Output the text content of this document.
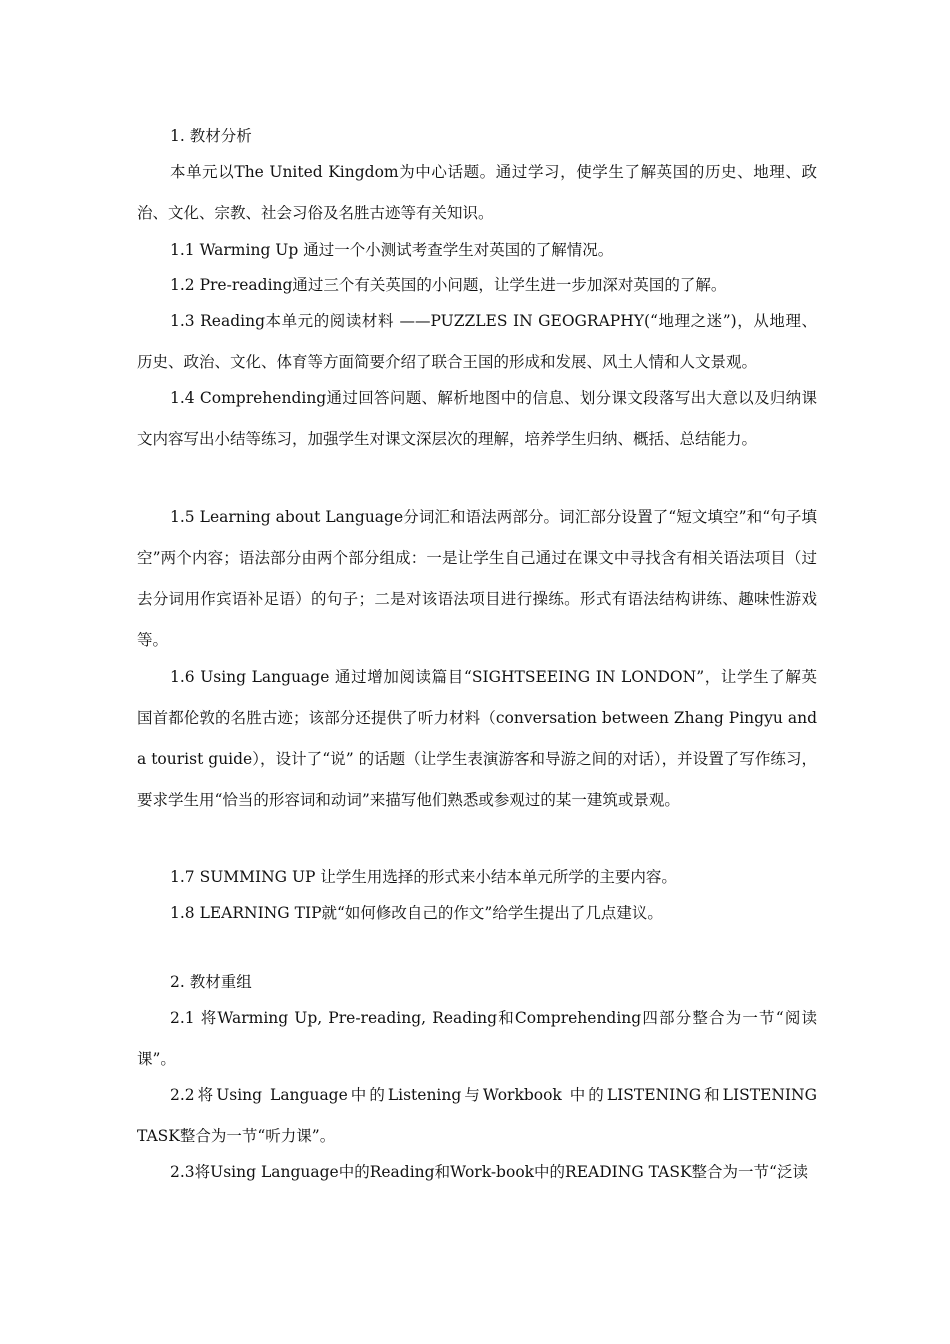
1. 教材分析

本单元以The United Kingdom为中心话题。通过学习，使学生了解英国的历史、地理、政治、文化、宗教、社会习俗及名胜古迹等有关知识。

1.1 Warming Up 通过一个小测试考查学生对英国的了解情况。

1.2 Pre-reading通过三个有关英国的小问题，让学生进一步加深对英国的了解。

1.3 Reading本单元的阅读材料 ——PUZZLES IN GEOGRAPHY(“地理之迷”)，从地理、历史、政治、文化、体育等方面简要介绍了联合王国的形成和发展、风土人情和人文景观。

1.4 Comprehending通过回答问题、解析地图中的信息、划分课文段落写出大意以及归纳课文内容写出小结等练习，加强学生对课文深层次的理解，培养学生归纳、概括、总结能力。

1.5 Learning about Language分词汇和语法两部分。词汇部分设置了“短文填空”和“句子填空”两个内容；语法部分由两个部分组成：一是让学生自己通过在课文中寻找含有相关语法项目（过去分词用作宾语补足语）的句子；二是对该语法项目进行操练。形式有语法结构讲练、趣味性游戏等。

1.6 Using Language 通过增加阅读篇目“SIGHTSEEING IN LONDON”，让学生了解英国首都伦敦的名胜古迹；该部分还提供了听力材料（conversation between Zhang Pingyu and a tourist guide），设计了“说” 的话题（让学生表演游客和导游之间的对话），并设置了写作练习，要求学生用“恰当的形容词和动词”来描写他们熟悉或参观过的某一建筑或景观。

1.7 SUMMING UP 让学生用选择的形式来小结本单元所学的主要内容。

1.8 LEARNING TIP就“如何修改自己的作文”给学生提出了几点建议。

2. 教材重组

2.1 将Warming Up, Pre-reading, Reading和Comprehending四部分整合为一节“阅读课”。

2.2将Using Language中的Listening与Workbook 中的LISTENING和LISTENING TASK整合为一节“听力课”。

2.3将Using Language中的Reading和Work-book中的READING TASK整合为一节“泛读
